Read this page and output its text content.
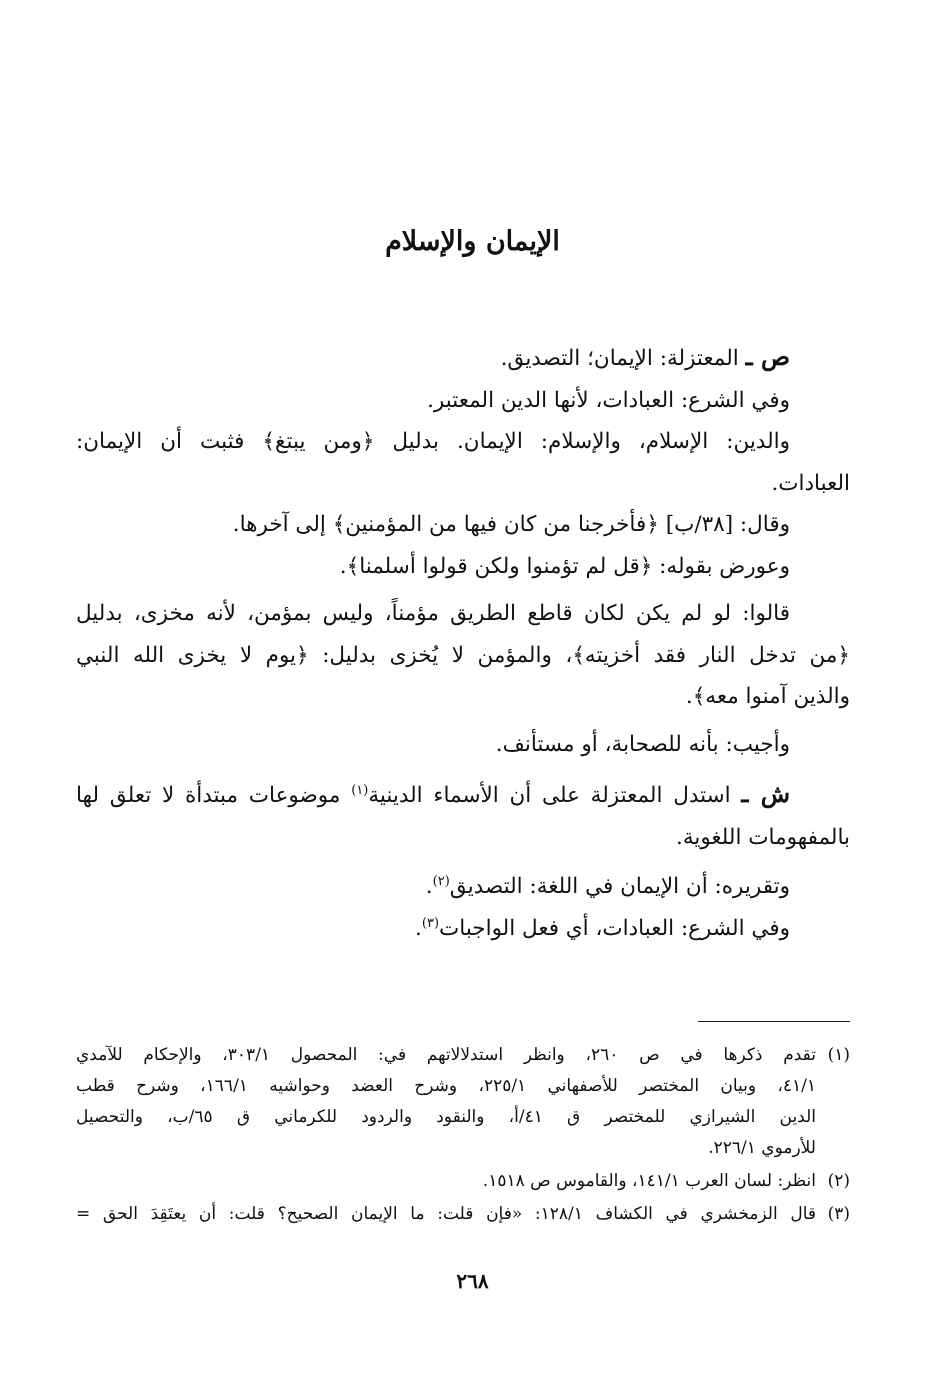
الإيمان والإسلام
ص ـ المعتزلة: الإيمان؛ التصديق.
وفي الشرع: العبادات، لأنها الدين المعتبر.
والدين: الإسلام، والإسلام: الإيمان. بدليل ﴿ومن يبتغ﴾ فثبت أن الإيمان:
العبادات.
وقال: [٣٨/ب] ﴿فأخرجنا من كان فيها من المؤمنين﴾ إلى آخرها.
وعورض بقوله: ﴿قل لم تؤمنوا ولكن قولوا أسلمنا﴾.
قالوا: لو لم يكن لكان قاطع الطريق مؤمناً، وليس بمؤمن، لأنه مخزى، بدليل
﴿من تدخل النار فقد أخزيته﴾، والمؤمن لا يُخزى بدليل: ﴿يوم لا يخزى الله النبي
والذين آمنوا معه﴾.
وأجيب: بأنه للصحابة، أو مستأنف.
ش ـ استدل المعتزلة على أن الأسماء الدينية$^{(١)}$ موضوعات مبتدأة لا تعلق لها
بالمفهومات اللغوية.
وتقريره: أن الإيمان في اللغة: التصديق$^{(٢)}$.
وفي الشرع: العبادات، أي فعل الواجبات$^{(٣)}$.
(١)
تقدم ذكرها في ص ٢٦٠، وانظر استدلالاتهم في: المحصول ٣٠٣/١، والإحكام للآمدي
٤١/١، وبيان المختصر للأصفهاني ٢٢٥/١، وشرح العضد وحواشيه ١٦٦/١، وشرح قطب
الدين الشيرازي للمختصر ق ٤١/أ، والنقود والردود للكرماني ق ٦٥/ب، والتحصيل
للأرموي ٢٢٦/١.
(٢)
انظر: لسان العرب ١٤١/١، والقاموس ص ١٥١٨.
(٣)
قال الزمخشري في الكشاف ١٢٨/١: «فإن قلت: ما الإيمان الصحيح؟ قلت: أن يعتَقِدَ الحق =
٢٦٨
